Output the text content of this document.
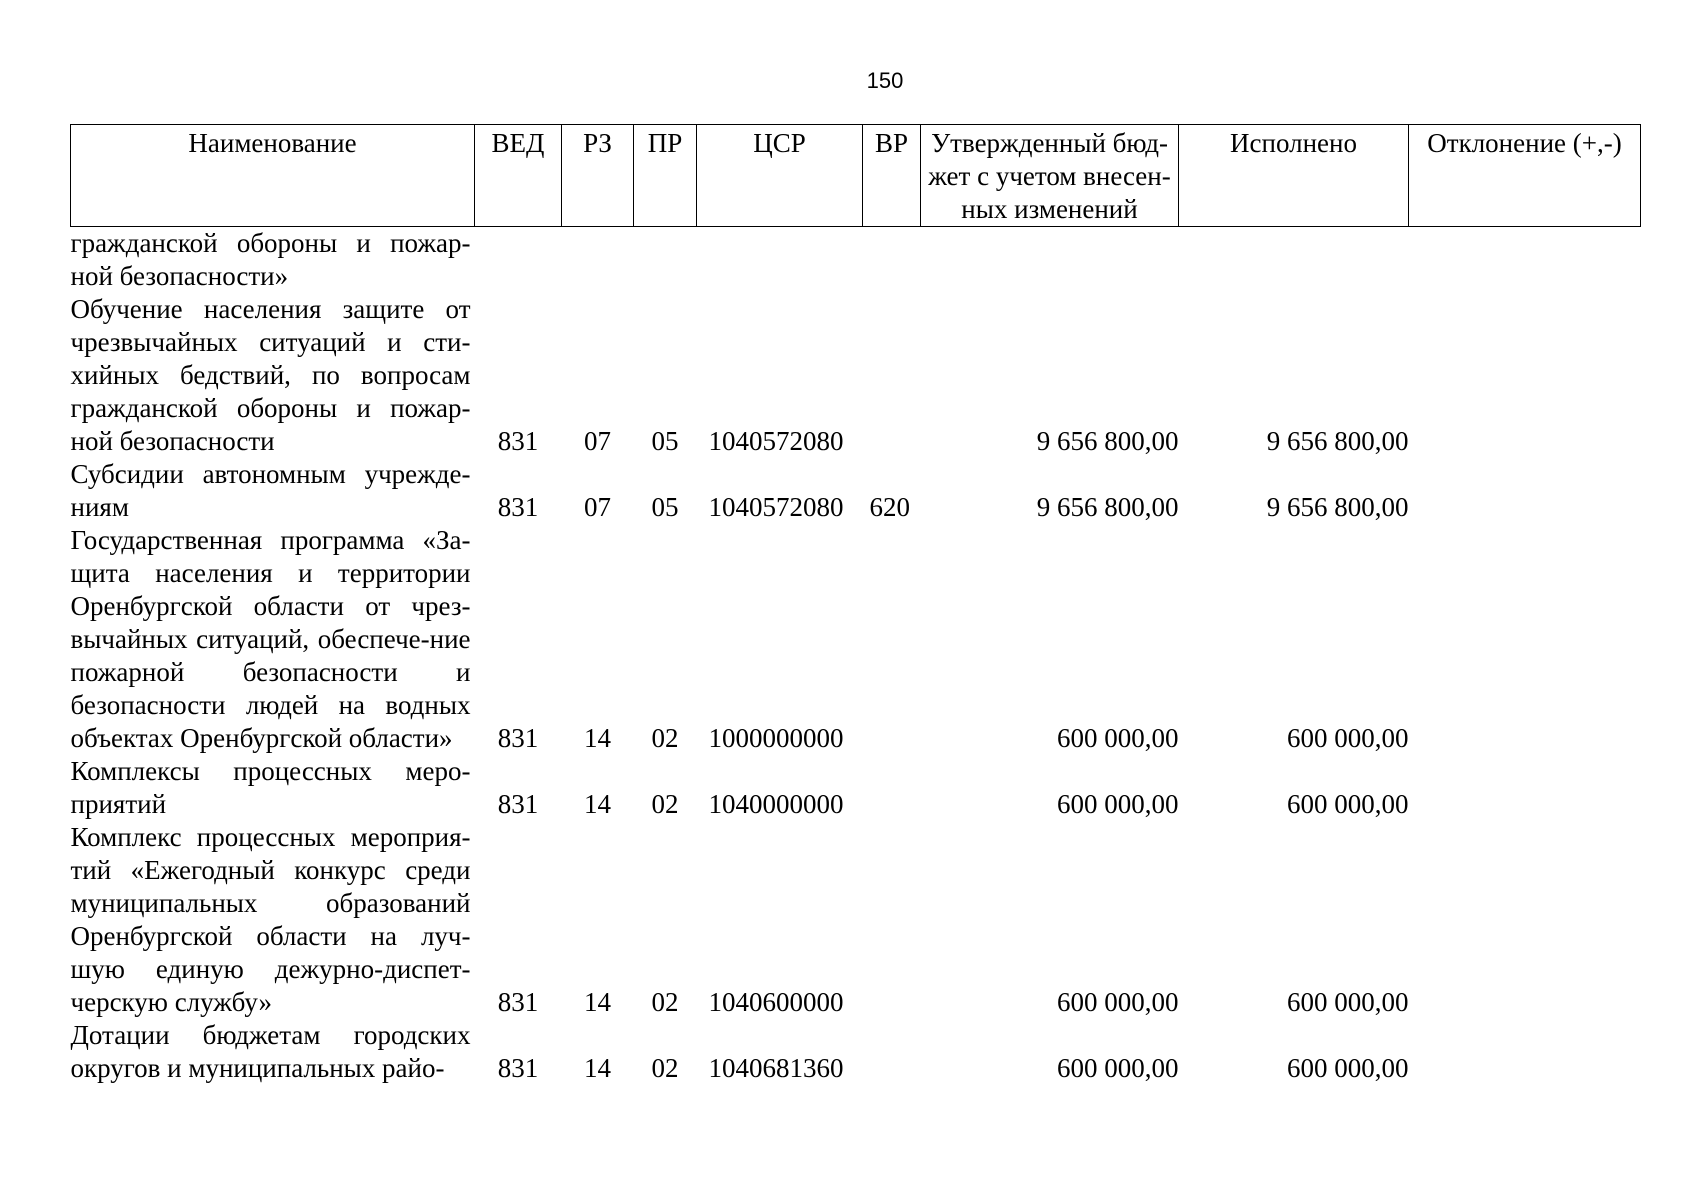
150
Наименование	ВЕД	РЗ	ПР	ЦСР	ВР	Утвержденный бюд-жет с учетом внесен-ных изменений	Исполнено	Отклонение (+,-)
гражданской обороны и пожар-ной безопасности»								
Обучение населения защите от чрезвычайных ситуаций и сти-хийных бедствий, по вопросам гражданской обороны и пожар-ной безопасности	831	07	05	1040572080		9 656 800,00	9 656 800,00	
Субсидии автономным учрежде-ниям	831	07	05	1040572080	620	9 656 800,00	9 656 800,00	
Государственная программа «За-щита населения и территории Оренбургской области от чрез-вычайных ситуаций, обеспече-ние пожарной безопасности и безопасности людей на водных объектах Оренбургской области»	831	14	02	1000000000		600 000,00	600 000,00	
Комплексы процессных меро-приятий	831	14	02	1040000000		600 000,00	600 000,00	
Комплекс процессных мероприя-тий «Ежегодный конкурс среди муниципальных образований Оренбургской области на луч-шую единую дежурно-диспет-черскую службу»	831	14	02	1040600000		600 000,00	600 000,00	
Дотации бюджетам городских округов и муниципальных райо-	831	14	02	1040681360		600 000,00	600 000,00	
